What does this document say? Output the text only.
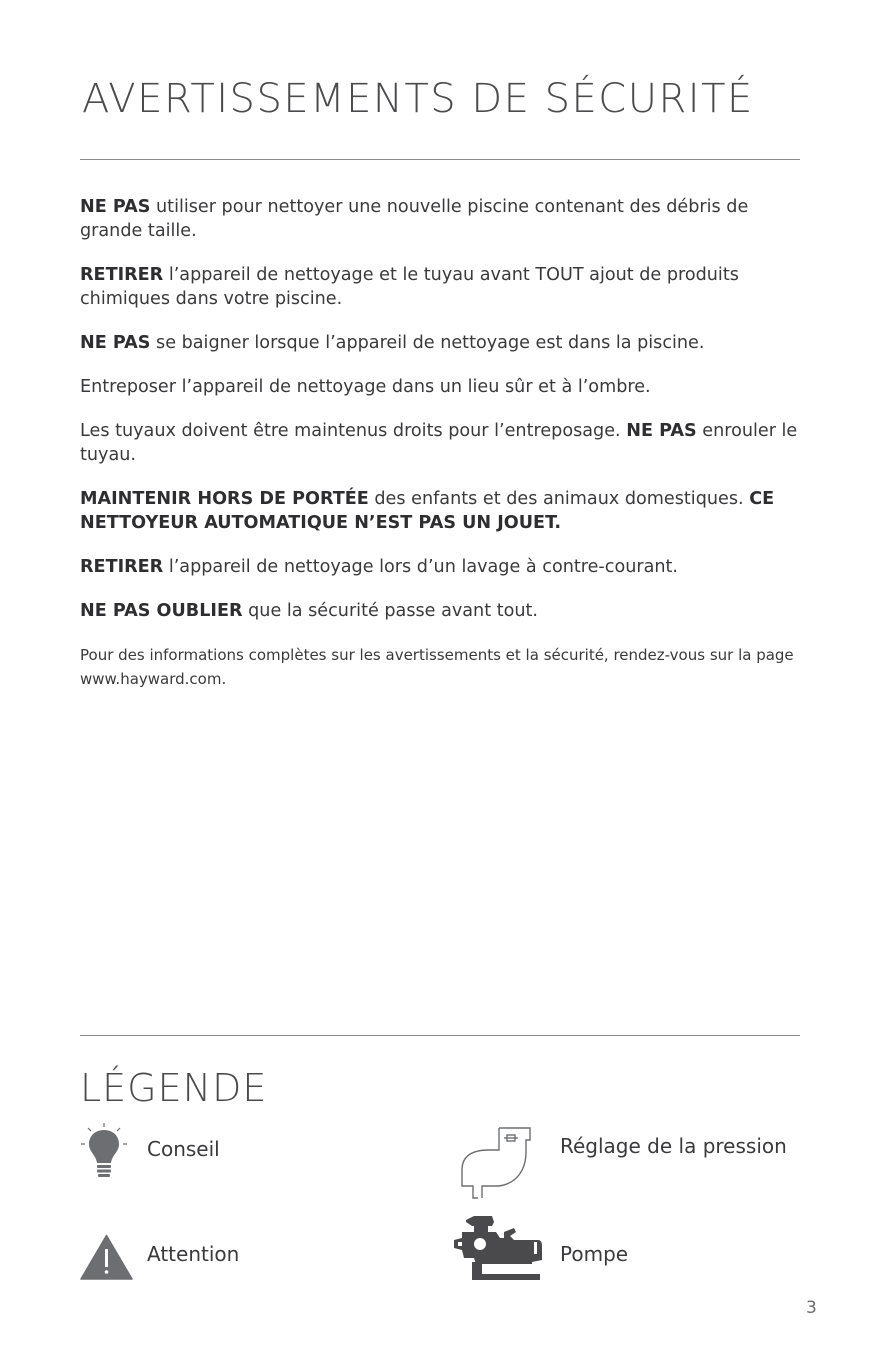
AVERTISSEMENTS DE SÉCURITÉ

NE PAS utiliser pour nettoyer une nouvelle piscine contenant des débris de grande taille.

RETIRER l’appareil de nettoyage et le tuyau avant TOUT ajout de produits chimiques dans votre piscine.

NE PAS se baigner lorsque l’appareil de nettoyage est dans la piscine.

Entreposer l’appareil de nettoyage dans un lieu sûr et à l’ombre.

Les tuyaux doivent être maintenus droits pour l’entreposage. NE PAS enrouler le tuyau.

MAINTENIR HORS DE PORTÉE des enfants et des animaux domestiques. CE NETTOYEUR AUTOMATIQUE N’EST PAS UN JOUET.

RETIRER l’appareil de nettoyage lors d’un lavage à contre-courant.

NE PAS OUBLIER que la sécurité passe avant tout.

Pour des informations complètes sur les avertissements et la sécurité, rendez-vous sur la page www.hayward.com.

LÉGENDE
Conseil
Attention
Réglage de la pression
Pompe
3
